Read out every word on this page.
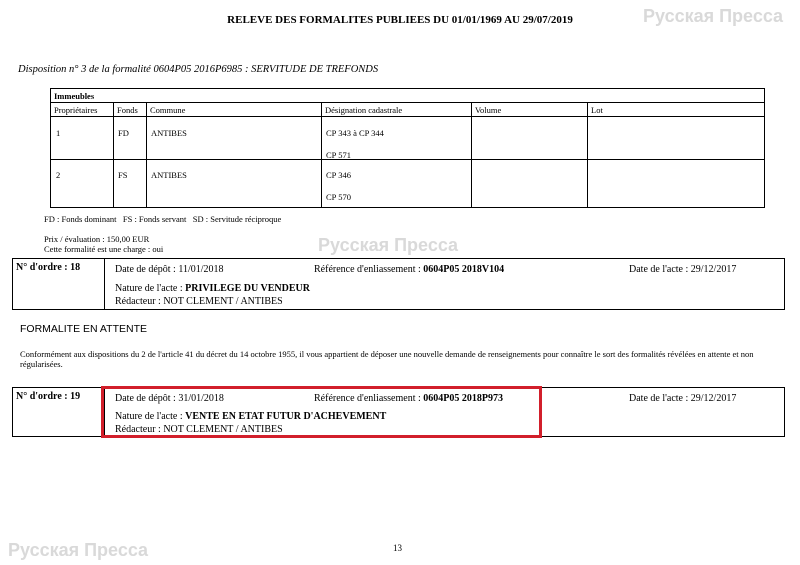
Русская Пресса
Русская Пресса
Русская Пресса
RELEVE DES FORMALITES PUBLIEES DU 01/01/1969 AU 29/07/2019
Disposition n° 3 de la formalité 0604P05 2016P6985 : SERVITUDE DE TREFONDS
Immeubles
Propriétaires	Fonds	Commune	Désignation cadastrale	Volume	Lot
1	FD	ANTIBES	CP 343 à CP 344
CP 571
2	FS	ANTIBES	CP 346
CP 570
FD : Fonds dominant   FS : Fonds servant   SD : Servitude réciproque
Prix / évaluation : 150,00 EUR
Cette formalité est une charge : oui
N° d'ordre : 18	Date de dépôt : 11/01/2018	Référence d'enliassement : 0604P05 2018V104	Date de l'acte : 29/12/2017
Nature de l'acte : PRIVILEGE DU VENDEUR
Rédacteur : NOT CLEMENT / ANTIBES
FORMALITE EN ATTENTE
Conformément aux dispositions du 2 de l'article 41 du décret du 14 octobre 1955, il vous appartient de déposer une nouvelle demande de renseignements pour connaître le sort des formalités révélées en attente et non régularisées.
N° d'ordre : 19	Date de dépôt : 31/01/2018	Référence d'enliassement : 0604P05 2018P973	Date de l'acte : 29/12/2017
Nature de l'acte : VENTE EN ETAT FUTUR D'ACHEVEMENT
Rédacteur : NOT CLEMENT / ANTIBES
13
